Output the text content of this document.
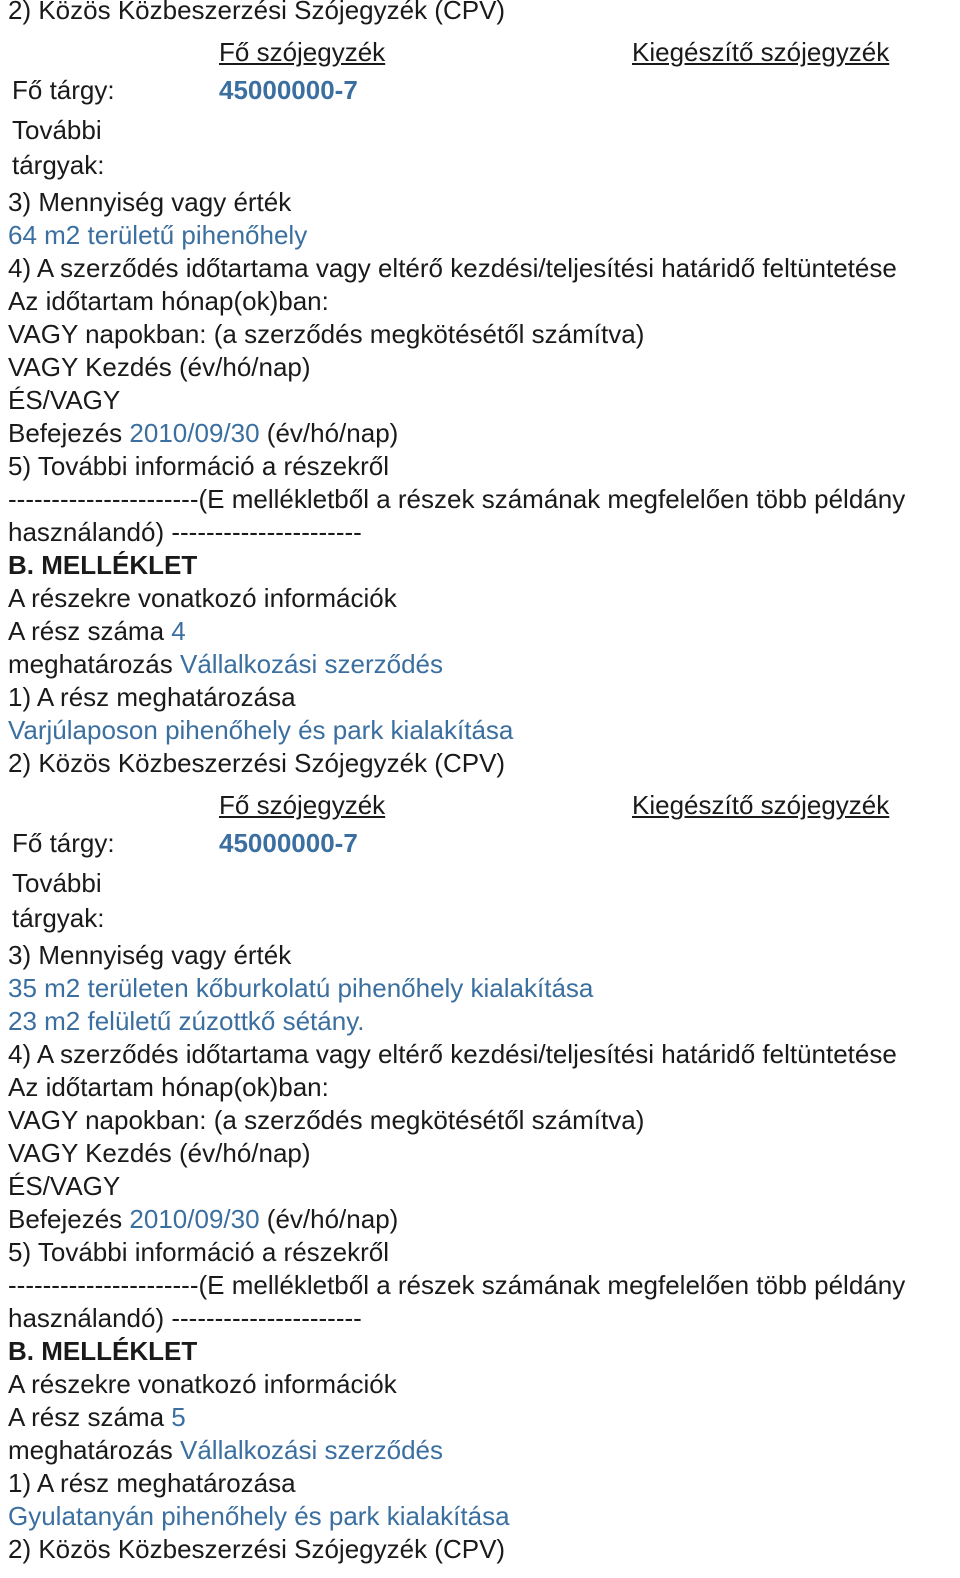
2) Közös Közbeszerzési Szójegyzék (CPV)
Fő szójegyzék	Kiegészítő szójegyzék
Fő tárgy:	45000000-7
További tárgyak:
3) Mennyiség vagy érték
64 m2 területű pihenőhely
4) A szerződés időtartama vagy eltérő kezdési/teljesítési határidő feltüntetése
Az időtartam hónap(ok)ban:
VAGY napokban: (a szerződés megkötésétől számítva)
VAGY Kezdés (év/hó/nap)
ÉS/VAGY
Befejezés 2010/09/30 (év/hó/nap)
5) További információ a részekről
----------------------(E mellékletből a részek számának megfelelően több példány
használandó) ----------------------
B. MELLÉKLET
A részekre vonatkozó információk
A rész száma 4
meghatározás Vállalkozási szerződés
1) A rész meghatározása
Varjúlaposon pihenőhely és park kialakítása
2) Közös Közbeszerzési Szójegyzék (CPV)
Fő szójegyzék	Kiegészítő szójegyzék
Fő tárgy:	45000000-7
További tárgyak:
3) Mennyiség vagy érték
35 m2 területen kőburkolatú pihenőhely kialakítása
23 m2 felületű zúzottkő sétány.
4) A szerződés időtartama vagy eltérő kezdési/teljesítési határidő feltüntetése
Az időtartam hónap(ok)ban:
VAGY napokban: (a szerződés megkötésétől számítva)
VAGY Kezdés (év/hó/nap)
ÉS/VAGY
Befejezés 2010/09/30 (év/hó/nap)
5) További információ a részekről
----------------------(E mellékletből a részek számának megfelelően több példány
használandó) ----------------------
B. MELLÉKLET
A részekre vonatkozó információk
A rész száma 5
meghatározás Vállalkozási szerződés
1) A rész meghatározása
Gyulatanyán pihenőhely és park kialakítása
2) Közös Közbeszerzési Szójegyzék (CPV)
